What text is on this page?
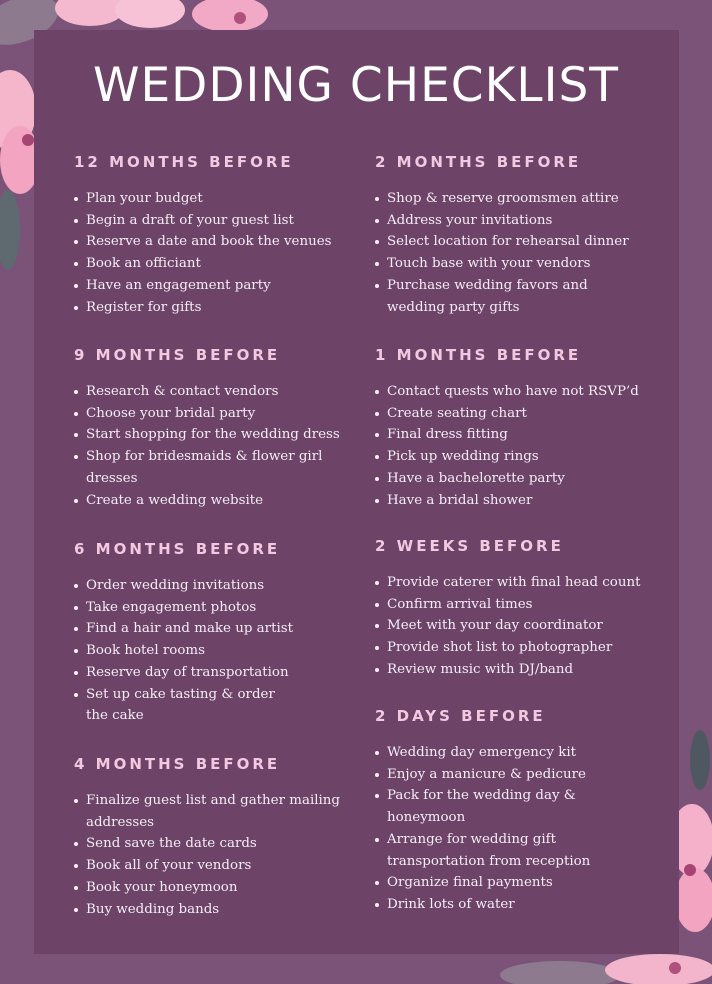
WEDDING CHECKLIST
12 MONTHS BEFORE
Plan your budget
Begin a draft of your guest list
Reserve a date and book the venues
Book an officiant
Have an engagement party
Register for gifts
9 MONTHS BEFORE
Research & contact vendors
Choose your bridal party
Start shopping for the wedding dress
Shop for bridesmaids & flower girl
dresses
Create a wedding website
6 MONTHS BEFORE
Order wedding invitations
Take engagement photos
Find a hair and make up artist
Book hotel rooms
Reserve day of transportation
Set up cake tasting & order
the cake
4 MONTHS BEFORE
Finalize guest list and gather mailing
addresses
Send save the date cards
Book all of your vendors
Book your honeymoon
Buy wedding bands
2 MONTHS BEFORE
Shop & reserve groomsmen attire
Address your invitations
Select location for rehearsal dinner
Touch base with your vendors
Purchase wedding favors and
wedding party gifts
1 MONTHS BEFORE
Contact quests who have not RSVP’d
Create seating chart
Final dress fitting
Pick up wedding rings
Have a bachelorette party
Have a bridal shower
2 WEEKS BEFORE
Provide caterer with final head count
Confirm arrival times
Meet with your day coordinator
Provide shot list to photographer
Review music with DJ/band
2 DAYS BEFORE
Wedding day emergency kit
Enjoy a manicure & pedicure
Pack for the wedding day &
honeymoon
Arrange for wedding gift
transportation from reception
Organize final payments
Drink lots of water
